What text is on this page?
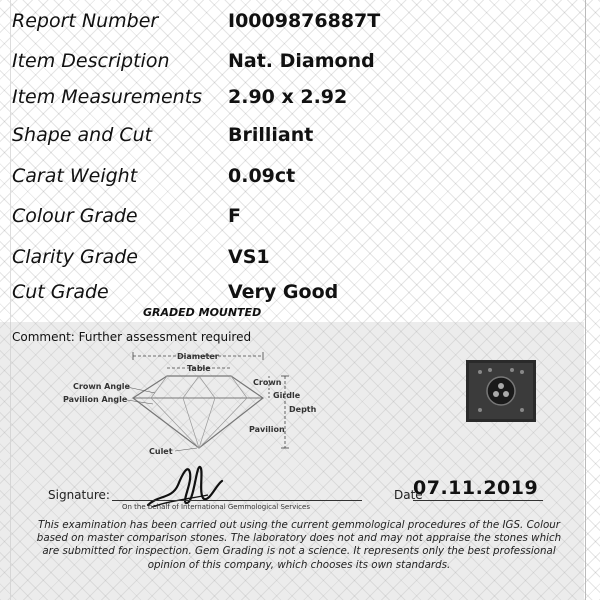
Report Number	I0009876887T
Item Description	Nat. Diamond
Item Measurements 2.90 x 2.92
Shape and Cut	Brilliant
Carat Weight	0.09ct
Colour Grade	F
Clarity Grade	VS1
Cut Grade	Very Good
GRADED MOUNTED
Comment: Further assessment required
Diameter
Table
Crown Angle
Pavilion Angle
Culet
Crown
Girdle
Depth
Pavilion
Signature:
On the behalf of International Gemmological Services
Date
07.11.2019
This examination has been carried out using the current gemmological procedures of the IGS. Colour based on master comparison stones. The laboratory does not and may not appraise the stones which are submitted for inspection. Gem Grading is not a science. It represents only the best professional opinion of this company, which chooses its own standards.
